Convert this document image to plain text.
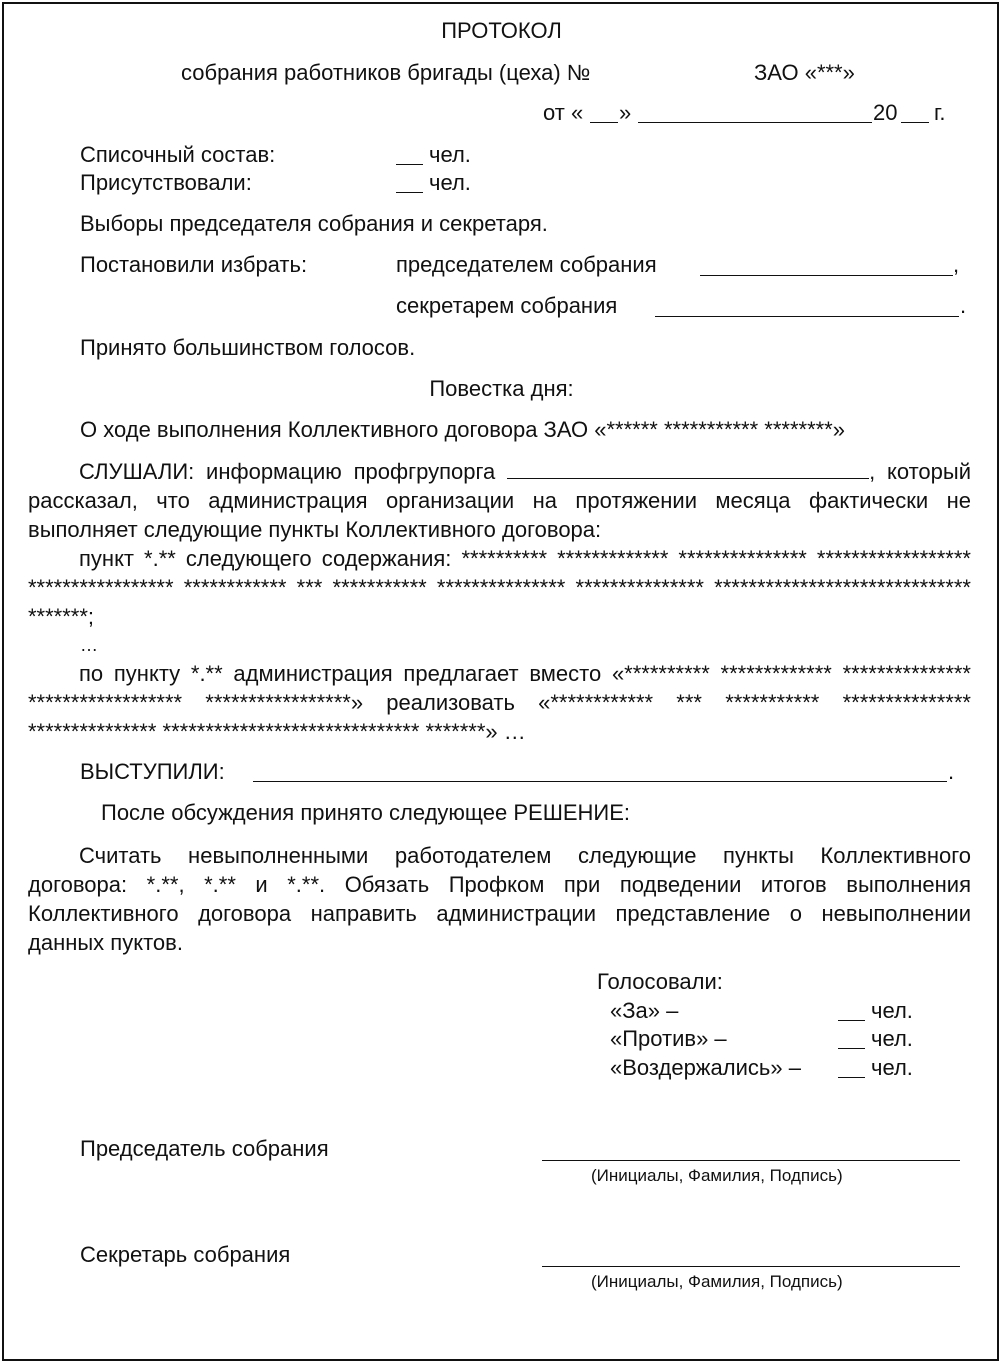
ПРОТОКОЛ

собрания работников бригады (цеха) №	ЗАО «***»

от « »	20 г.

Списочный состав:	чел.

Присутствовали:	чел.

Выборы председателя собрания и секретаря.

Постановили избрать:	председателем собрания	,

секретарем собрания	.

Принято большинством голосов.

Повестка дня:

О ходе выполнения Коллективного договора ЗАО «****** *********** ********»

СЛУШАЛИ: информацию профгрупорга	, который рассказал, что администрация организации на протяжении месяца фактически не выполняет следующие пункты Коллективного договора:

пункт *.** следующего содержания: ********** ************* *************** ****************** ***************** ************ *** *********** *************** *************** ****************************** *******;

…

по пункту *.** администрация предлагает вместо «********** ************* *************** ****************** *****************» реализовать «************ *** *********** *************** *************** ****************************** *******» …

ВЫСТУПИЛИ:	.

После обсуждения принято следующее РЕШЕНИЕ:

Считать невыполненными работодателем следующие пункты Коллективного договора: *.**, *.** и *.**. Обязать Профком при подведении итогов выполнения Коллективного договора направить администрации представление о невыполнении данных пуктов.

Голосовали:

«За» –	чел.

«Против» –	чел.

«Воздержались» –	чел.

Председатель собрания

(Инициалы, Фамилия, Подпись)

Секретарь собрания

(Инициалы, Фамилия, Подпись)
